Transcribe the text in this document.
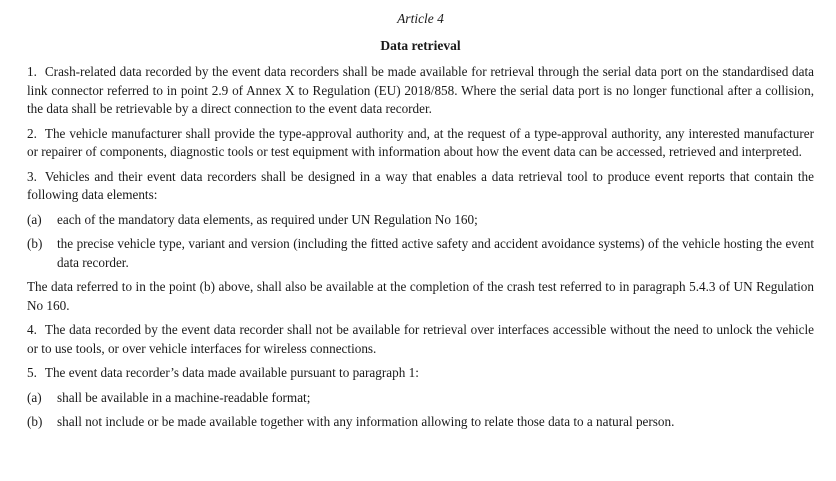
Article 4
Data retrieval

1. Crash-related data recorded by the event data recorders shall be made available for retrieval through the serial data port on the standardised data link connector referred to in point 2.9 of Annex X to Regulation (EU) 2018/858. Where the serial data port is no longer functional after a collision, the data shall be retrievable by a direct connection to the event data recorder.

2. The vehicle manufacturer shall provide the type-approval authority and, at the request of a type-approval authority, any interested manufacturer or repairer of components, diagnostic tools or test equipment with information about how the event data can be accessed, retrieved and interpreted.

3. Vehicles and their event data recorders shall be designed in a way that enables a data retrieval tool to produce event reports that contain the following data elements:

(a)	each of the mandatory data elements, as required under UN Regulation No 160;
(b)	the precise vehicle type, variant and version (including the fitted active safety and accident avoidance systems) of the vehicle hosting the event data recorder.

The data referred to in the point (b) above, shall also be available at the completion of the crash test referred to in paragraph 5.4.3 of UN Regulation No 160.

4. The data recorded by the event data recorder shall not be available for retrieval over interfaces accessible without the need to unlock the vehicle or to use tools, or over vehicle interfaces for wireless connections.

5. The event data recorder’s data made available pursuant to paragraph 1:

(a)	shall be available in a machine-readable format;
(b)	shall not include or be made available together with any information allowing to relate those data to a natural person.
